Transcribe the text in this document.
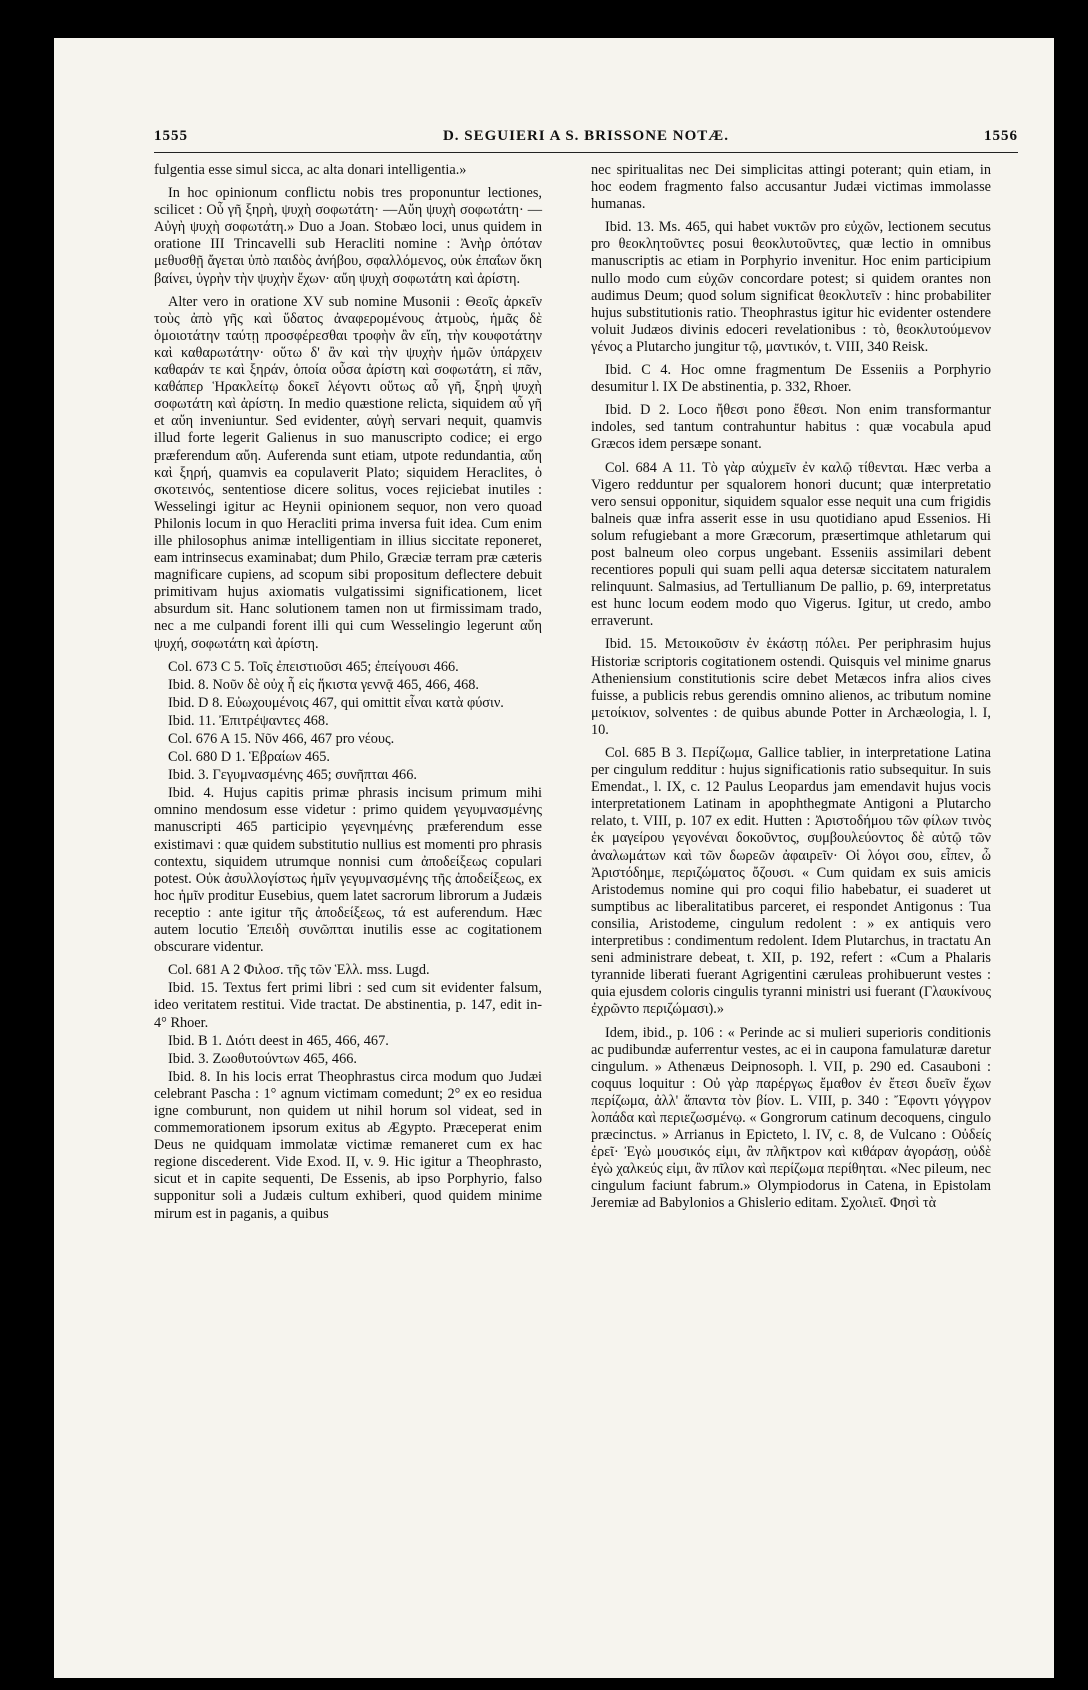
1555	D. SEGUIERI A S. BRISSONE NOTÆ.	1556

fulgentia esse simul sicca, ac alta donari intelligentia.»

In hoc opinionum conflictu nobis tres proponuntur lectiones, scilicet : Οὗ γῆ ξηρὴ, ψυχὴ σοφωτάτη· —Αὔη ψυχὴ σοφωτάτη· — Αὐγὴ ψυχὴ σοφωτάτη.» Duo a Joan. Stobæo loci, unus quidem in oratione III Trincavelli sub Heracliti nomine : Ἀνὴρ ὁπόταν μεθυσθῇ ἄγεται ὑπὸ παιδὸς ἀνήβου, σφαλλόμενος, οὐκ ἐπαΐων ὅκη βαίνει, ὑγρὴν τὴν ψυχὴν ἔχων· αὔη ψυχὴ σοφωτάτη καὶ ἀρίστη.

Alter vero in oratione XV sub nomine Musonii : Θεοῖς ἀρκεῖν τοὺς ἀπὸ γῆς καὶ ὕδατος ἀναφερομένους ἀτμοὺς, ἡμᾶς δὲ ὁμοιοτάτην ταύτῃ προσφέρεσθαι τροφὴν ἂν εἴη, τὴν κουφοτάτην καὶ καθαρωτάτην· οὕτω δ' ἂν καὶ τὴν ψυχὴν ἡμῶν ὑπάρχειν καθαράν τε καὶ ξηράν, ὁποία οὖσα ἀρίστη καὶ σοφωτάτη, εἰ πᾶν, καθάπερ Ἡρακλείτῳ δοκεῖ λέγοντι οὕτως αὖ γῆ, ξηρὴ ψυχὴ σοφωτάτη καὶ ἀρίστη. In medio quæstione relicta, siquidem αὖ γῆ et αὔη inveniuntur. Sed evidenter, αὐγὴ servari nequit, quamvis illud forte legerit Galienus in suo manuscripto codice; ei ergo præferendum αὔη. Auferenda sunt etiam, utpote redundantia, αὔη καὶ ξηρή, quamvis ea copulaverit Plato; siquidem Heraclites, ὁ σκοτεινός, sententiose dicere solitus, voces rejiciebat inutiles : Wesselingi igitur ac Heynii opinionem sequor, non vero quoad Philonis locum in quo Heracliti prima inversa fuit idea. Cum enim ille philosophus animæ intelligentiam in illius siccitate reponeret, eam intrinsecus examinabat; dum Philo, Græciæ terram præ cæteris magnificare cupiens, ad scopum sibi propositum deflectere debuit primitivam hujus axiomatis vulgatissimi significationem, licet absurdum sit. Hanc solutionem tamen non ut firmissimam trado, nec a me culpandi forent illi qui cum Wesselingio legerunt αὔη ψυχή, σοφωτάτη καὶ ἀρίστη.

Col. 673 C 5. Τοῖς ἐπειστιοῦσι 465; ἐπείγουσι 466.

Ibid. 8. Νοῦν δὲ οὐχ ἧ εἰς ἥκιστα γεννᾷ 465, 466, 468.

Ibid. D 8. Εὐωχουμένοις 467, qui omittit εἶναι κατὰ φύσιν.

Ibid. 11. Ἐπιτρέψαντες 468.

Col. 676 A 15. Νῦν 466, 467 pro νέους.

Col. 680 D 1. Ἑβραίων 465.

Ibid. 3. Γεγυμνασμένης 465; συνῆπται 466.

Ibid. 4. Hujus capitis primæ phrasis incisum primum mihi omnino mendosum esse videtur : primo quidem γεγυμνασμένης manuscripti 465 participio γεγενημένης præferendum esse existimavi : quæ quidem substitutio nullius est momenti pro phrasis contextu, siquidem utrumque nonnisi cum ἀποδείξεως copulari potest. Οὐκ ἀσυλλογίστως ἡμῖν γεγυμνασμένης τῆς ἀποδείξεως, ex hoc ἡμῖν proditur Eusebius, quem latet sacrorum librorum a Judæis receptio : ante igitur τῆς ἀποδείξεως, τά est auferendum. Hæc autem locutio Ἐπειδὴ συνῶπται inutilis esse ac cogitationem obscurare videntur.

Col. 681 A 2 Φιλοσ. τῆς τῶν Ἑλλ. mss. Lugd.

Ibid. 15. Textus fert primi libri : sed cum sit evidenter falsum, ideo veritatem restitui. Vide tractat. De abstinentia, p. 147, edit in-4° Rhoer.

Ibid. B 1. Διότι deest in 465, 466, 467.

Ibid. 3. Ζωοθυτούντων 465, 466.

Ibid. 8. In his locis errat Theophrastus circa modum quo Judæi celebrant Pascha : 1° agnum victimam comedunt; 2° ex eo residua igne comburunt, non quidem ut nihil horum sol videat, sed in commemorationem ipsorum exitus ab Ægypto. Præceperat enim Deus ne quidquam immolatæ victimæ remaneret cum ex hac regione discederent. Vide Exod. II, v. 9. Hic igitur a Theophrasto, sicut et in capite sequenti, De Essenis, ab ipso Porphyrio, falso supponitur soli a Judæis cultum exhiberi, quod quidem minime mirum est in paganis, a quibus

nec spiritualitas nec Dei simplicitas attingi poterant; quin etiam, in hoc eodem fragmento falso accusantur Judæi victimas immolasse humanas.

Ibid. 13. Ms. 465, qui habet νυκτῶν pro εὐχῶν, lectionem secutus pro θεοκλητοῦντες posui θεοκλυτοῦντες, quæ lectio in omnibus manuscriptis ac etiam in Porphyrio invenitur. Hoc enim participium nullo modo cum εὐχῶν concordare potest; si quidem orantes non audimus Deum; quod solum significat θεοκλυτεῖν : hinc probabiliter hujus substitutionis ratio. Theophrastus igitur hic evidenter ostendere voluit Judæos divinis edoceri revelationibus : τὸ, θεοκλυτούμενον γένος a Plutarcho jungitur τῷ, μαντικόν, t. VIII, 340 Reisk.

Ibid. C 4. Hoc omne fragmentum De Esseniis a Porphyrio desumitur l. IX De abstinentia, p. 332, Rhoer.

Ibid. D 2. Loco ἤθεσι pono ἔθεσι. Non enim transformantur indoles, sed tantum contrahuntur habitus : quæ vocabula apud Græcos idem persæpe sonant.

Col. 684 A 11. Τὸ γὰρ αὐχμεῖν ἐν καλῷ τίθενται. Hæc verba a Vigero redduntur per squalorem honori ducunt; quæ interpretatio vero sensui opponitur, siquidem squalor esse nequit una cum frigidis balneis quæ infra asserit esse in usu quotidiano apud Essenios. Hi solum refugiebant a more Græcorum, præsertimque athletarum qui post balneum oleo corpus ungebant. Esseniis assimilari debent recentiores populi qui suam pelli aqua detersæ siccitatem naturalem relinquunt. Salmasius, ad Tertullianum De pallio, p. 69, interpretatus est hunc locum eodem modo quo Vigerus. Igitur, ut credo, ambo erraverunt.

Ibid. 15. Μετοικοῦσιν ἐν ἑκάστῃ πόλει. Per periphrasim hujus Historiæ scriptoris cogitationem ostendi. Quisquis vel minime gnarus Atheniensium constitutionis scire debet Metæcos infra alios cives fuisse, a publicis rebus gerendis omnino alienos, ac tributum nomine μετοίκιον, solventes : de quibus abunde Potter in Archæologia, l. I, 10.

Col. 685 B 3. Περίζωμα, Gallice tablier, in interpretatione Latina per cingulum redditur : hujus significationis ratio subsequitur. In suis Emendat., l. IX, c. 12 Paulus Leopardus jam emendavit hujus vocis interpretationem Latinam in apophthegmate Antigoni a Plutarcho relato, t. VIII, p. 107 ex edit. Hutten : Ἀριστοδήμου τῶν φίλων τινὸς ἐκ μαγείρου γεγονέναι δοκοῦντος, συμβουλεύοντος δὲ αὐτῷ τῶν ἀναλωμάτων καὶ τῶν δωρεῶν ἀφαιρεῖν· Οἱ λόγοι σου, εἶπεν, ὦ Ἀριστόδημε, περιζώματος ὄζουσι. « Cum quidam ex suis amicis Aristodemus nomine qui pro coqui filio habebatur, ei suaderet ut sumptibus ac liberalitatibus parceret, ei respondet Antigonus : Tua consilia, Aristodeme, cingulum redolent : » ex antiquis vero interpretibus : condimentum redolent. Idem Plutarchus, in tractatu An seni administrare debeat, t. XII, p. 192, refert : «Cum a Phalaris tyrannide liberati fuerant Agrigentini cæruleas prohibuerunt vestes : quia ejusdem coloris cingulis tyranni ministri usi fuerant (Γλαυκίνους ἐχρῶντο περιζώμασι).»

Idem, ibid., p. 106 : « Perinde ac si mulieri superioris conditionis ac pudibundæ auferrentur vestes, ac ei in caupona famulaturæ daretur cingulum. » Athenæus Deipnosoph. l. VII, p. 290 ed. Casauboni : coquus loquitur : Οὐ γὰρ παρέργως ἔμαθον ἐν ἔτεσι δυεῖν ἔχων περίζωμα, ἀλλ' ἅπαντα τὸν βίον. L. VIII, p. 340 : Ἔφοντι γόγγρον λοπάδα καὶ περιεζωσμένῳ. « Gongrorum catinum decoquens, cingulo præcinctus. » Arrianus in Epicteto, l. IV, c. 8, de Vulcano : Οὐδείς ἐρεῖ· Ἐγὼ μουσικός εἰμι, ἂν πλῆκτρον καὶ κιθάραν ἀγοράσῃ, οὐδὲ ἐγὼ χαλκεύς εἰμι, ἂν πῖλον καὶ περίζωμα περίθηται. «Nec pileum, nec cingulum faciunt fabrum.» Olympiodorus in Catena, in Epistolam Jeremiæ ad Babylonios a Ghislerio editam. Σχολιεῖ. Φησὶ τὰ
